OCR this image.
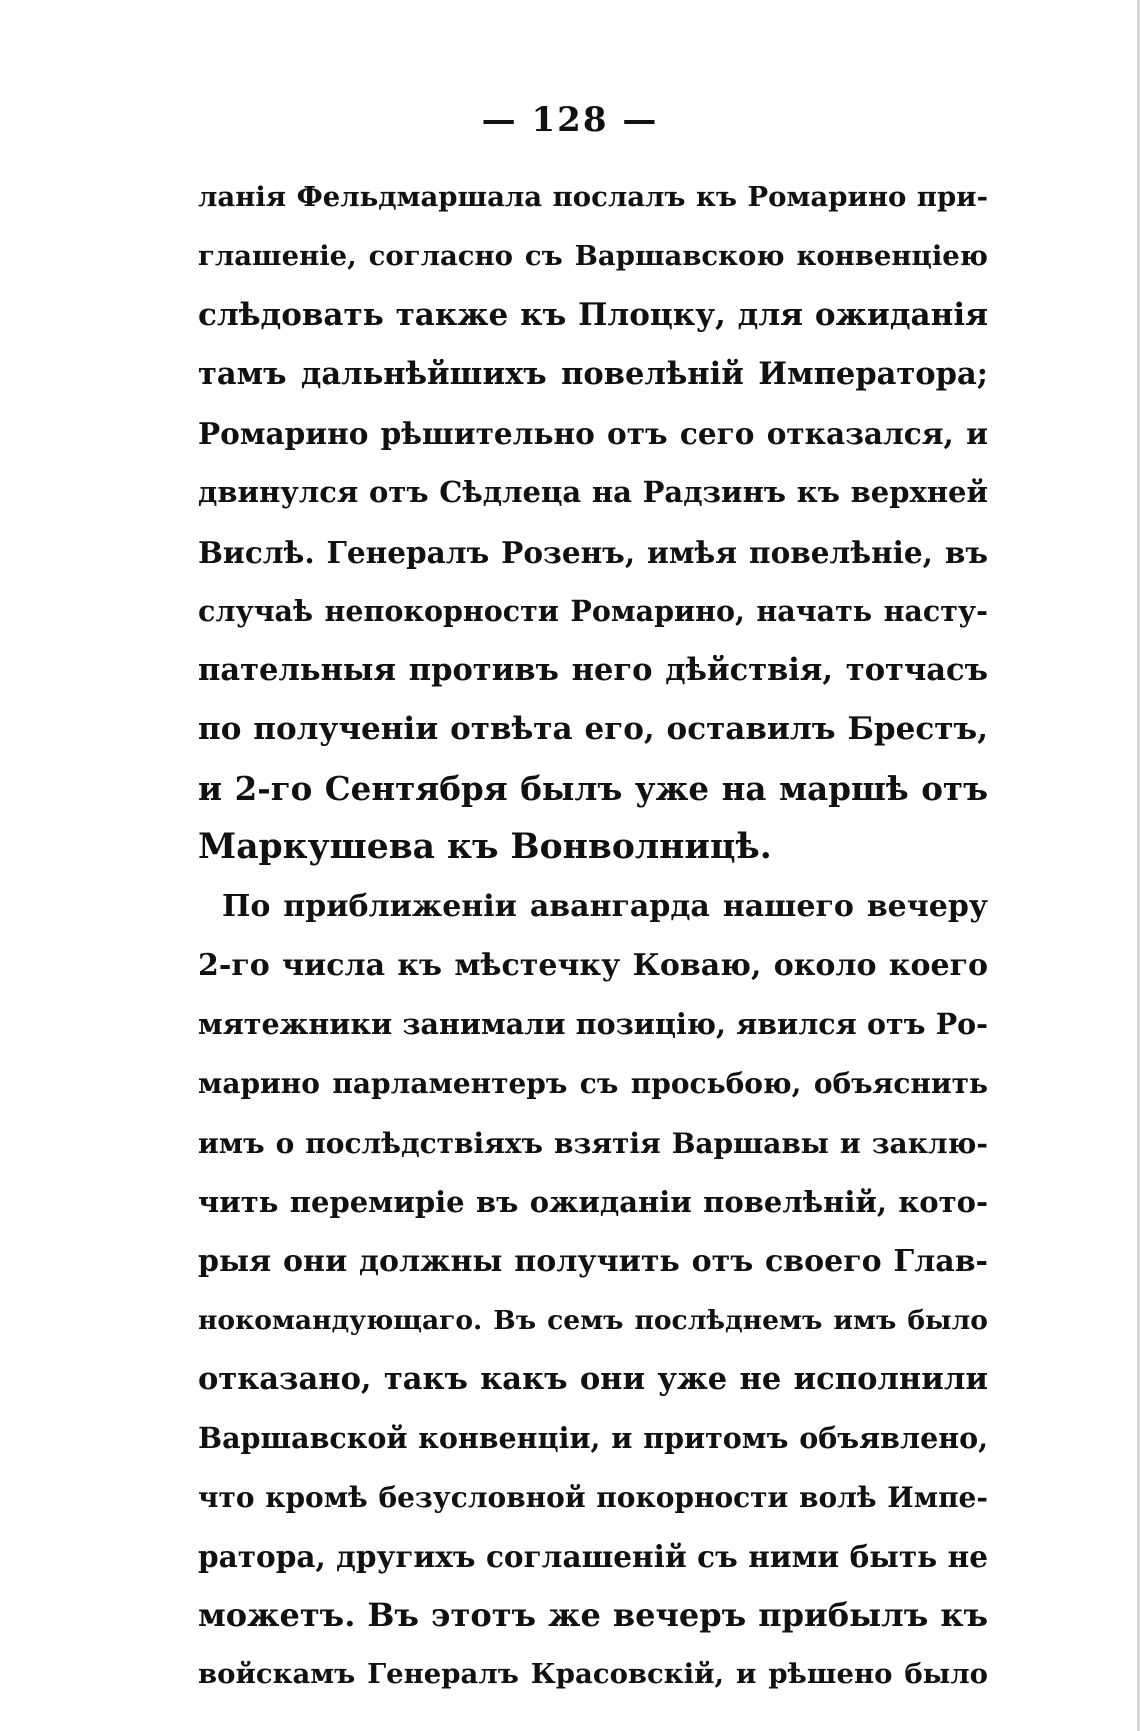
— 128 —
ланія Фельдмаршала послалъ къ Ромарино при-
глашеніе, согласно съ Варшавскою конвенціею
слѣдовать также къ Плоцку, для ожиданія
тамъ дальнѣйшихъ повелѣній Императора;
Ромарино рѣшительно отъ сего отказался, и
двинулся отъ Сѣдлеца на Радзинъ къ верхней
Вислѣ. Генералъ Розенъ, имѣя повелѣніе, въ
случаѣ непокорности Ромарино, начать насту-
пательныя противъ него дѣйствія, тотчасъ
по полученіи отвѣта его, оставилъ Брестъ,
и 2-го Сентября былъ уже на маршѣ отъ
Маркушева къ Вонволницѣ.
По приближеніи авангарда нашего вечеру
2-го числа къ мѣстечку Коваю, около коего
мятежники занимали позицію, явился отъ Ро-
марино парламентеръ съ просьбою, объяснить
имъ о послѣдствіяхъ взятія Варшавы и заклю-
чить перемиріе въ ожиданіи повелѣній, кото-
рыя они должны получить отъ своего Глав-
нокомандующаго. Въ семъ послѣднемъ имъ было
отказано, такъ какъ они уже не исполнили
Варшавской конвенціи, и притомъ объявлено,
что кромѣ безусловной покорности волѣ Импе-
ратора, другихъ соглашеній съ ними быть не
можетъ. Въ этотъ же вечеръ прибылъ къ
войскамъ Генералъ Красовскій, и рѣшено было
